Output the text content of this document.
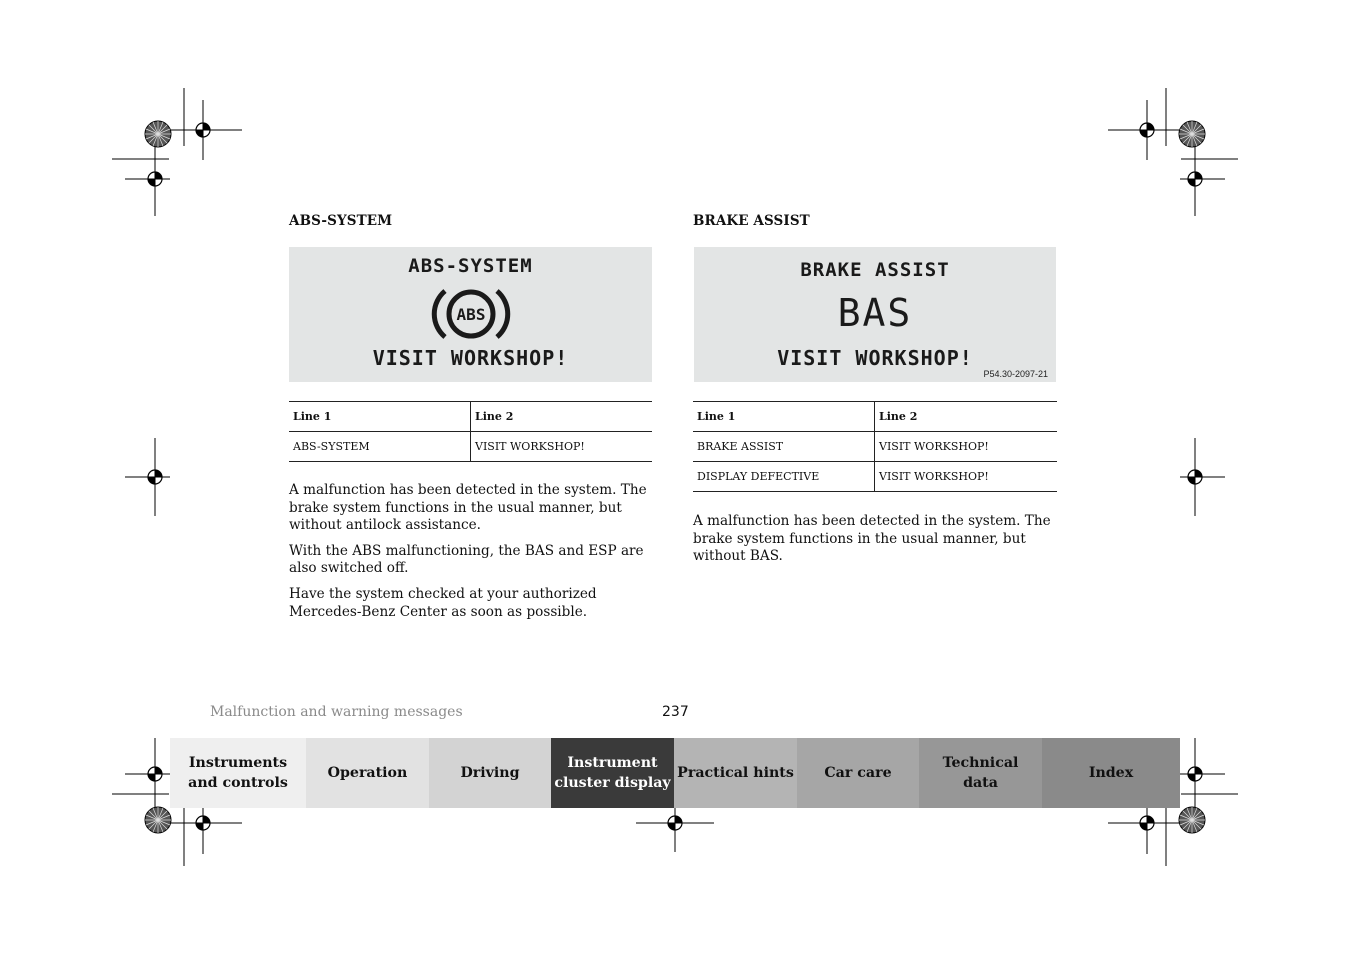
ABS-SYSTEM
ABS-SYSTEM
ABS
VISIT WORKSHOP!
Line 1	Line 2
ABS-SYSTEM	VISIT WORKSHOP!

A malfunction has been detected in the system. The brake system functions in the usual manner, but without antilock assistance.

With the ABS malfunctioning, the BAS and ESP are also switched off.

Have the system checked at your authorized Mercedes-Benz Center as soon as possible.

BRAKE ASSIST
BRAKE ASSIST
BAS
VISIT WORKSHOP!
P54.30-2097-21
Line 1	Line 2
BRAKE ASSIST	VISIT WORKSHOP!
DISPLAY DEFECTIVE	VISIT WORKSHOP!

A malfunction has been detected in the system. The brake system functions in the usual manner, but without BAS.

Malfunction and warning messages	237
Instruments
and controls
Operation	Driving
Instrument
cluster display
Practical hints	Car care
Technical
data
Index
